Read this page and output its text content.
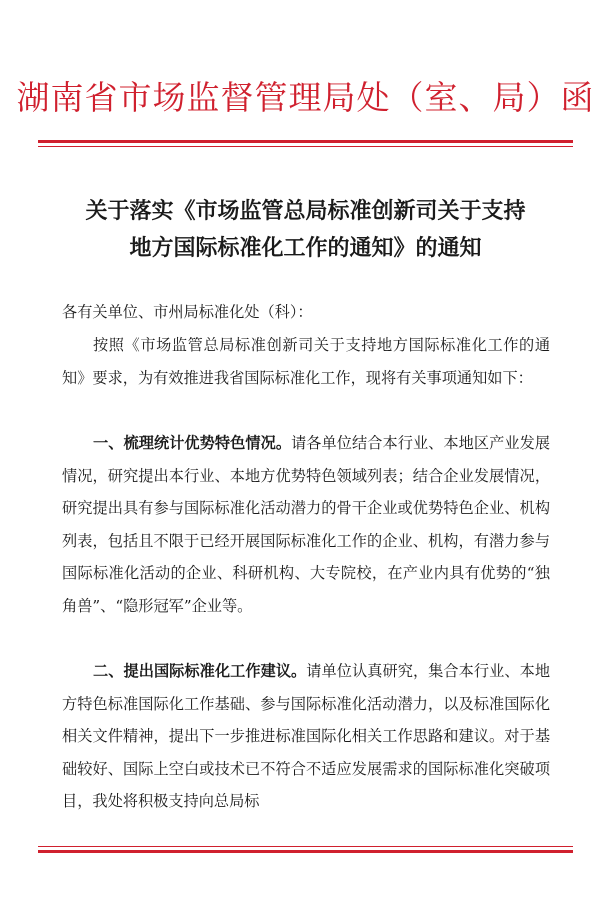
湖南省市场监督管理局处（室、局）函
关于落实《市场监管总局标准创新司关于支持
地方国际标准化工作的通知》的通知
各有关单位、市州局标准化处（科）：

按照《市场监管总局标准创新司关于支持地方国际标准化工作的通知》要求，为有效推进我省国际标准化工作，现将有关事项通知如下：

一、梳理统计优势特色情况。请各单位结合本行业、本地区产业发展情况，研究提出本行业、本地方优势特色领域列表；结合企业发展情况，研究提出具有参与国际标准化活动潜力的骨干企业或优势特色企业、机构列表，包括且不限于已经开展国际标准化工作的企业、机构，有潜力参与国际标准化活动的企业、科研机构、大专院校，在产业内具有优势的“独角兽”、“隐形冠军”企业等。

二、提出国际标准化工作建议。请单位认真研究，集合本行业、本地方特色标准国际化工作基础、参与国际标准化活动潜力，以及标准国际化相关文件精神，提出下一步推进标准国际化相关工作思路和建议。对于基础较好、国际上空白或技术已不符合不适应发展需求的国际标准化突破项目，我处将积极支持向总局标
